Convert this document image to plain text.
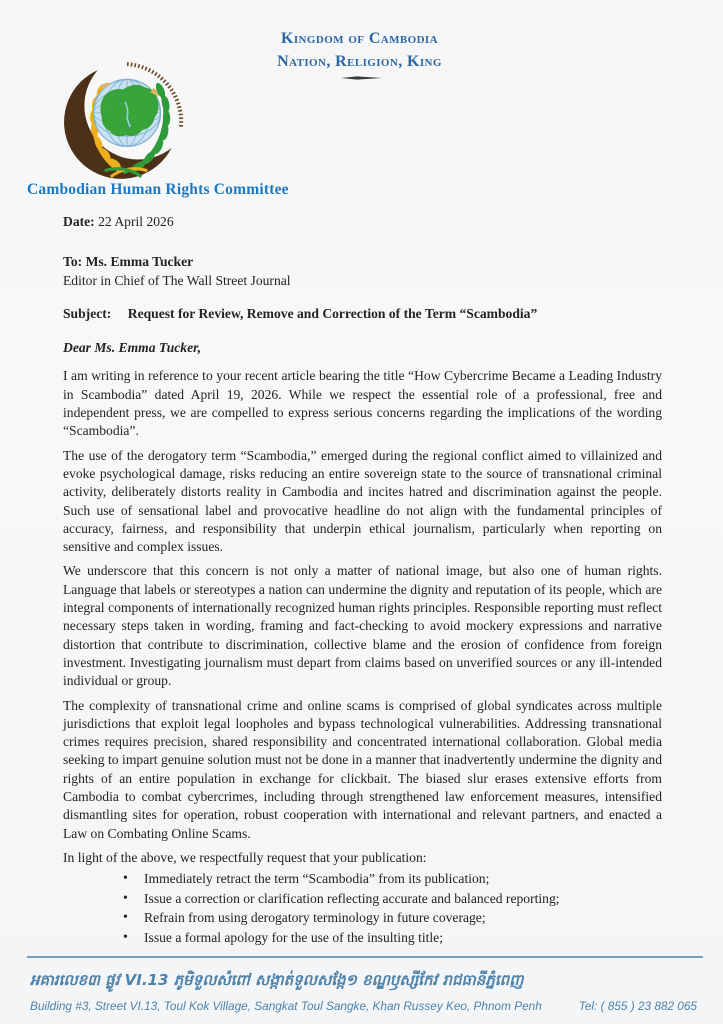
Kingdom of Cambodia
Nation, Religion, King
Cambodian Human Rights Committee
Date: 22 April 2026
To: Ms. Emma Tucker
Editor in Chief of The Wall Street Journal
Subject: Request for Review, Remove and Correction of the Term “Scambodia”
Dear Ms. Emma Tucker,

I am writing in reference to your recent article bearing the title “How Cybercrime Became a Leading Industry in Scambodia” dated April 19, 2026. While we respect the essential role of a professional, free and independent press, we are compelled to express serious concerns regarding the implications of the wording “Scambodia”.

The use of the derogatory term “Scambodia,” emerged during the regional conflict aimed to villainized and evoke psychological damage, risks reducing an entire sovereign state to the source of transnational criminal activity, deliberately distorts reality in Cambodia and incites hatred and discrimination against the people. Such use of sensational label and provocative headline do not align with the fundamental principles of accuracy, fairness, and responsibility that underpin ethical journalism, particularly when reporting on sensitive and complex issues.

We underscore that this concern is not only a matter of national image, but also one of human rights. Language that labels or stereotypes a nation can undermine the dignity and reputation of its people, which are integral components of internationally recognized human rights principles. Responsible reporting must reflect necessary steps taken in wording, framing and fact-checking to avoid mockery expressions and narrative distortion that contribute to discrimination, collective blame and the erosion of confidence from foreign investment. Investigating journalism must depart from claims based on unverified sources or any ill-intended individual or group.

The complexity of transnational crime and online scams is comprised of global syndicates across multiple jurisdictions that exploit legal loopholes and bypass technological vulnerabilities. Addressing transnational crimes requires precision, shared responsibility and concentrated international collaboration. Global media seeking to impart genuine solution must not be done in a manner that inadvertently undermine the dignity and rights of an entire population in exchange for clickbait. The biased slur erases extensive efforts from Cambodia to combat cybercrimes, including through strengthened law enforcement measures, intensified dismantling sites for operation, robust cooperation with international and relevant partners, and enacted a Law on Combating Online Scams.

In light of the above, we respectfully request that your publication:
• Immediately retract the term “Scambodia” from its publication;
• Issue a correction or clarification reflecting accurate and balanced reporting;
• Refrain from using derogatory terminology in future coverage;
• Issue a formal apology for the use of the insulting title;
អគារលេខ៣ ផ្លូវ VI.13 ភូមិទួលសំពៅ សង្កាត់ទួលសង្កែ១ ខណ្ឌឫស្សីកែវ រាជធានីភ្នំពេញ
Building #3, Street VI.13, Toul Kok Village, Sangkat Toul Sangke, Khan Russey Keo, Phnom Penh	Tel: ( 855 ) 23 882 065
